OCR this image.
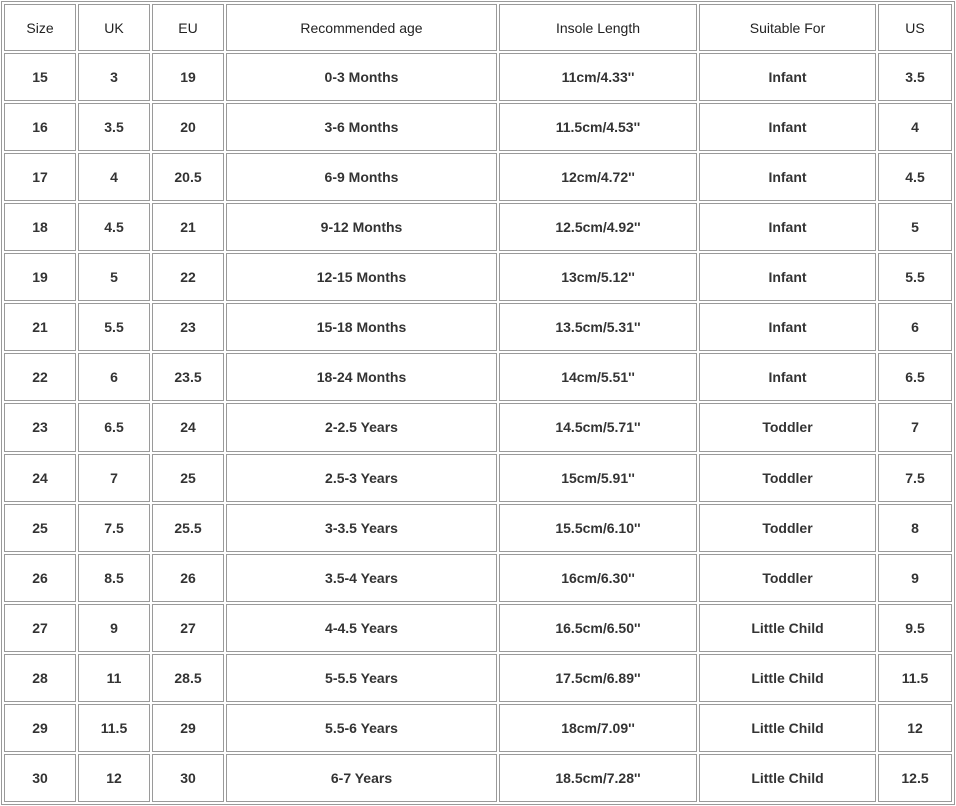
Size	UK	EU	Recommended age	Insole Length	Suitable For	US
15	3	19	0-3 Months	11cm/4.33''	Infant	3.5
16	3.5	20	3-6 Months	11.5cm/4.53''	Infant	4
17	4	20.5	6-9 Months	12cm/4.72''	Infant	4.5
18	4.5	21	9-12 Months	12.5cm/4.92''	Infant	5
19	5	22	12-15 Months	13cm/5.12''	Infant	5.5
21	5.5	23	15-18 Months	13.5cm/5.31''	Infant	6
22	6	23.5	18-24 Months	14cm/5.51''	Infant	6.5
23	6.5	24	2-2.5 Years	14.5cm/5.71''	Toddler	7
24	7	25	2.5-3 Years	15cm/5.91''	Toddler	7.5
25	7.5	25.5	3-3.5 Years	15.5cm/6.10''	Toddler	8
26	8.5	26	3.5-4 Years	16cm/6.30''	Toddler	9
27	9	27	4-4.5 Years	16.5cm/6.50''	Little Child	9.5
28	11	28.5	5-5.5 Years	17.5cm/6.89''	Little Child	11.5
29	11.5	29	5.5-6 Years	18cm/7.09''	Little Child	12
30	12	30	6-7 Years	18.5cm/7.28''	Little Child	12.5
